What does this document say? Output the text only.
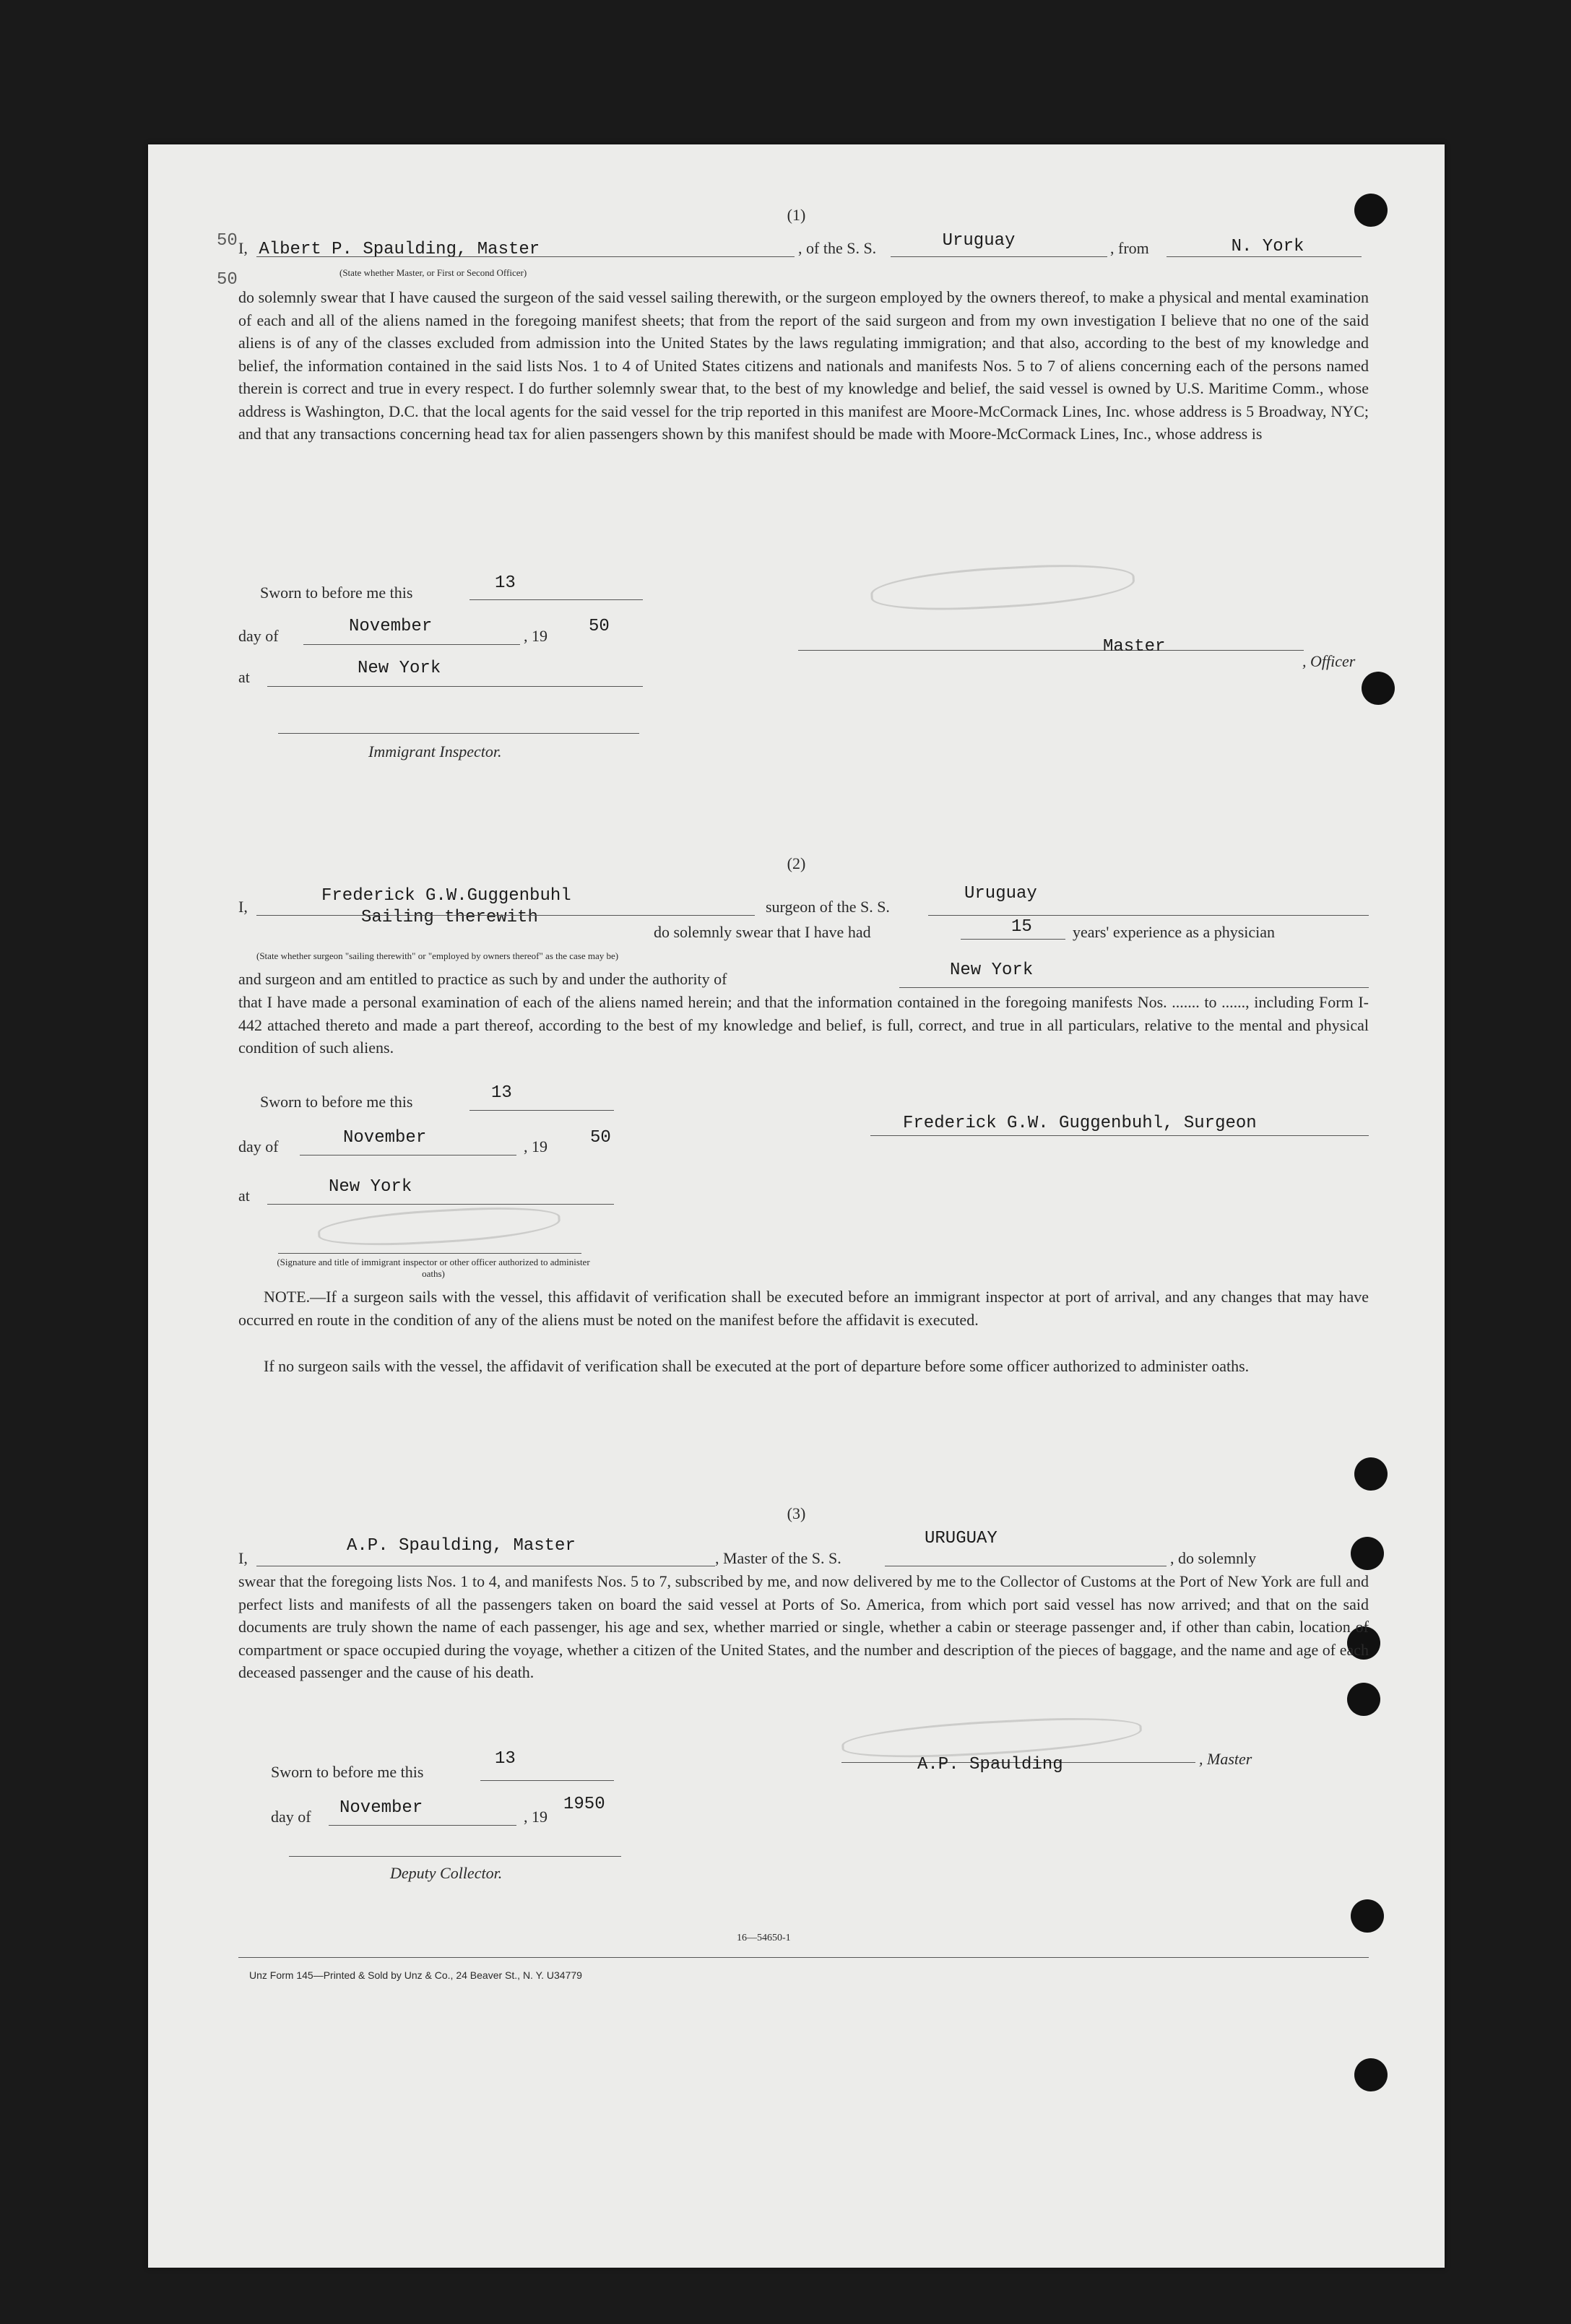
(1)
I, Albert P. Spaulding, Master	, of the S. S.	Uruguay	, from	N. York
(State whether Master, or First or Second Officer)
do solemnly swear that I have caused the surgeon of the said vessel sailing therewith, or the surgeon employed by the owners thereof, to make a physical and mental examination of each and all of the aliens named in the foregoing manifest sheets; that from the report of the said surgeon and from my own investigation I believe that no one of the said aliens is of any of the classes excluded from admission into the United States by the laws regulating immigration; and that also, according to the best of my knowledge and belief, the information contained in the said lists Nos. 1 to 4 of United States citizens and nationals and manifests Nos. 5 to 7 of aliens concerning each of the persons named therein is correct and true in every respect. I do further solemnly swear that, to the best of my knowledge and belief, the said vessel is owned by U.S. Maritime Comm., whose address is Washington, D.C. that the local agents for the said vessel for the trip reported in this manifest are Moore-McCormack Lines, Inc. whose address is 5 Broadway, NYC; and that any transactions concerning head tax for alien passengers shown by this manifest should be made with Moore-McCormack Lines, Inc., whose address is
Sworn to before me this	13
day of	November	, 19 50
at	New York
Master
, Officer
Immigrant Inspector.
(2)
I,
Frederick G.W.Guggenbuhl
Sailing therewith
surgeon of the S. S.
Uruguay
do solemnly swear that I have had	15	years' experience as a physician
(State whether surgeon "sailing therewith" or "employed by owners thereof" as the case may be)
and surgeon and am entitled to practice as such by and under the authority of	New York
that I have made a personal examination of each of the aliens named herein; and that the information contained in the foregoing manifests Nos. ....... to ......, including Form I-442 attached thereto and made a part thereof, according to the best of my knowledge and belief, is full, correct, and true in all particulars, relative to the mental and physical condition of such aliens.
Sworn to before me this	13
day of	November	, 19 50
Frederick G.W. Guggenbuhl, Surgeon
at	New York
(Signature and title of immigrant inspector or other officer authorized to administer oaths)
NOTE.—If a surgeon sails with the vessel, this affidavit of verification shall be executed before an immigrant inspector at port of arrival, and any changes that may have occurred en route in the condition of any of the aliens must be noted on the manifest before the affidavit is executed.
If no surgeon sails with the vessel, the affidavit of verification shall be executed at the port of departure before some officer authorized to administer oaths.
(3)
I,
A.P. Spaulding, Master
, Master of the S. S.
URUGUAY
, do solemnly
swear that the foregoing lists Nos. 1 to 4, and manifests Nos. 5 to 7, subscribed by me, and now delivered by me to the Collector of Customs at the Port of New York are full and perfect lists and manifests of all the passengers taken on board the said vessel at Ports of So. America, from which port said vessel has now arrived; and that on the said documents are truly shown the name of each passenger, his age and sex, whether married or single, whether a cabin or steerage passenger and, if other than cabin, location of compartment or space occupied during the voyage, whether a citizen of the United States, and the number and description of the pieces of baggage, and the name and age of each deceased passenger and the cause of his death.
Sworn to before me this
13
day of November	, 19
1950
A.P. Spaulding	, Master
Deputy Collector.
16—54650-1
Unz Form 145—Printed & Sold by Unz & Co., 24 Beaver St., N. Y. U34779
50
50
